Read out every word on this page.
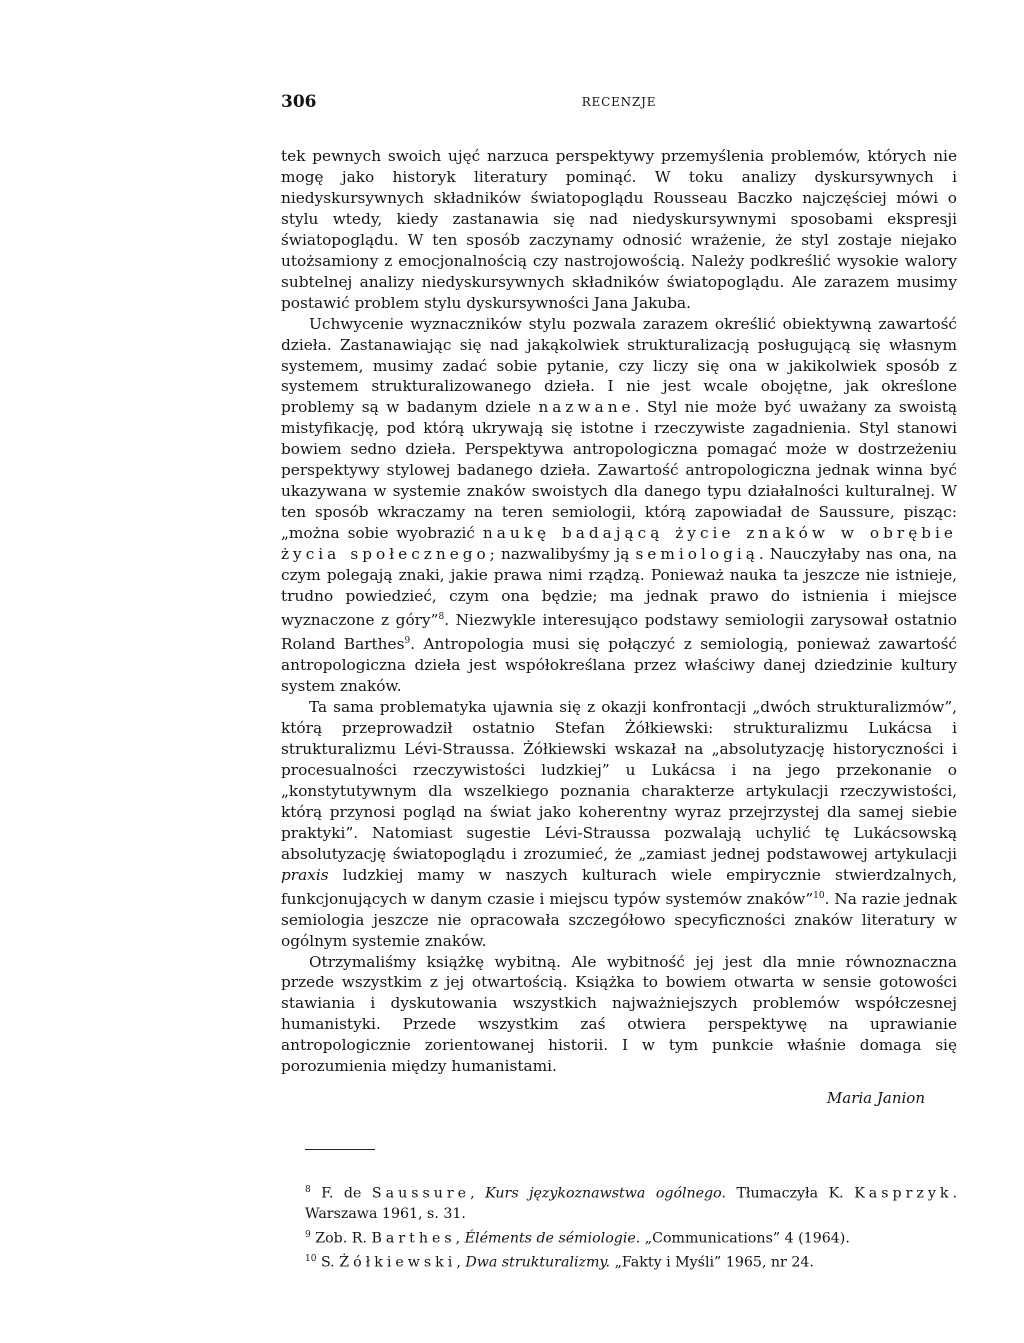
306	RECENZJE

tek pewnych swoich ujęć narzuca perspektywy przemyślenia problemów, których nie mogę jako historyk literatury pominąć. W toku analizy dyskursywnych i niedyskursywnych składników światopoglądu Rousseau Baczko najczęściej mówi o stylu wtedy, kiedy zastanawia się nad niedyskursywnymi sposobami ekspresji światopoglądu. W ten sposób zaczynamy odnosić wrażenie, że styl zostaje niejako utożsamiony z emocjonalnością czy nastrojowością. Należy podkreślić wysokie walory subtelnej analizy niedyskursywnych składników światopoglądu. Ale zarazem musimy postawić problem stylu dyskursywności Jana Jakuba.

Uchwycenie wyznaczników stylu pozwala zarazem określić obiektywną zawartość dzieła. Zastanawiając się nad jakąkolwiek strukturalizacją posługującą się własnym systemem, musimy zadać sobie pytanie, czy liczy się ona w jakikolwiek sposób z systemem strukturalizowanego dzieła. I nie jest wcale obojętne, jak określone problemy są w badanym dziele nazwane. Styl nie może być uważany za swoistą mistyfikację, pod którą ukrywają się istotne i rzeczywiste zagadnienia. Styl stanowi bowiem sedno dzieła. Perspektywa antropologiczna pomagać może w dostrzeżeniu perspektywy stylowej badanego dzieła. Zawartość antropologiczna jednak winna być ukazywana w systemie znaków swoistych dla danego typu działalności kulturalnej. W ten sposób wkraczamy na teren semiologii, którą zapowiadał de Saussure, pisząc: „można sobie wyobrazić naukę badającą życie znaków w obrębie życia społecznego; nazwalibyśmy ją semiologią. Nauczyłaby nas ona, na czym polegają znaki, jakie prawa nimi rządzą. Ponieważ nauka ta jeszcze nie istnieje, trudno powiedzieć, czym ona będzie; ma jednak prawo do istnienia i miejsce wyznaczone z góry”$^8$. Niezwykle interesująco podstawy semiologii zarysował ostatnio Roland Barthes$^9$. Antropologia musi się połączyć z semiologią, ponieważ zawartość antropologiczna dzieła jest współokreślana przez właściwy danej dziedzinie kultury system znaków.

Ta sama problematyka ujawnia się z okazji konfrontacji „dwóch strukturalizmów”, którą przeprowadził ostatnio Stefan Żółkiewski: strukturalizmu Lukácsa i strukturalizmu Lévi-Straussa. Żółkiewski wskazał na „absolutyzację historyczności i procesualności rzeczywistości ludzkiej” u Lukácsa i na jego przekonanie o „konstytutywnym dla wszelkiego poznania charakterze artykulacji rzeczywistości, którą przynosi pogląd na świat jako koherentny wyraz przejrzystej dla samej siebie praktyki”. Natomiast sugestie Lévi-Straussa pozwalają uchylić tę Lukácsowską absolutyzację światopoglądu i zrozumieć, że „zamiast jednej podstawowej artykulacji praxis ludzkiej mamy w naszych kulturach wiele empirycznie stwierdzalnych, funkcjonujących w danym czasie i miejscu typów systemów znaków”$^{10}$. Na razie jednak semiologia jeszcze nie opracowała szczegółowo specyficzności znaków literatury w ogólnym systemie znaków.

Otrzymaliśmy książkę wybitną. Ale wybitność jej jest dla mnie równoznaczna przede wszystkim z jej otwartością. Książka to bowiem otwarta w sensie gotowości stawiania i dyskutowania wszystkich najważniejszych problemów współczesnej humanistyki. Przede wszystkim zaś otwiera perspektywę na uprawianie antropologicznie zorientowanej historii. I w tym punkcie właśnie domaga się porozumienia między humanistami.

Maria Janion

$^8$ F. de Saussure, Kurs językoznawstwa ogólnego. Tłumaczyła K. Kasprzyk. Warszawa 1961, s. 31.

$^9$ Zob. R. Barthes, Éléments de sémiologie. „Communications” 4 (1964).

$^{10}$ S. Żółkiewski, Dwa strukturalizmy. „Fakty i Myśli” 1965, nr 24.
